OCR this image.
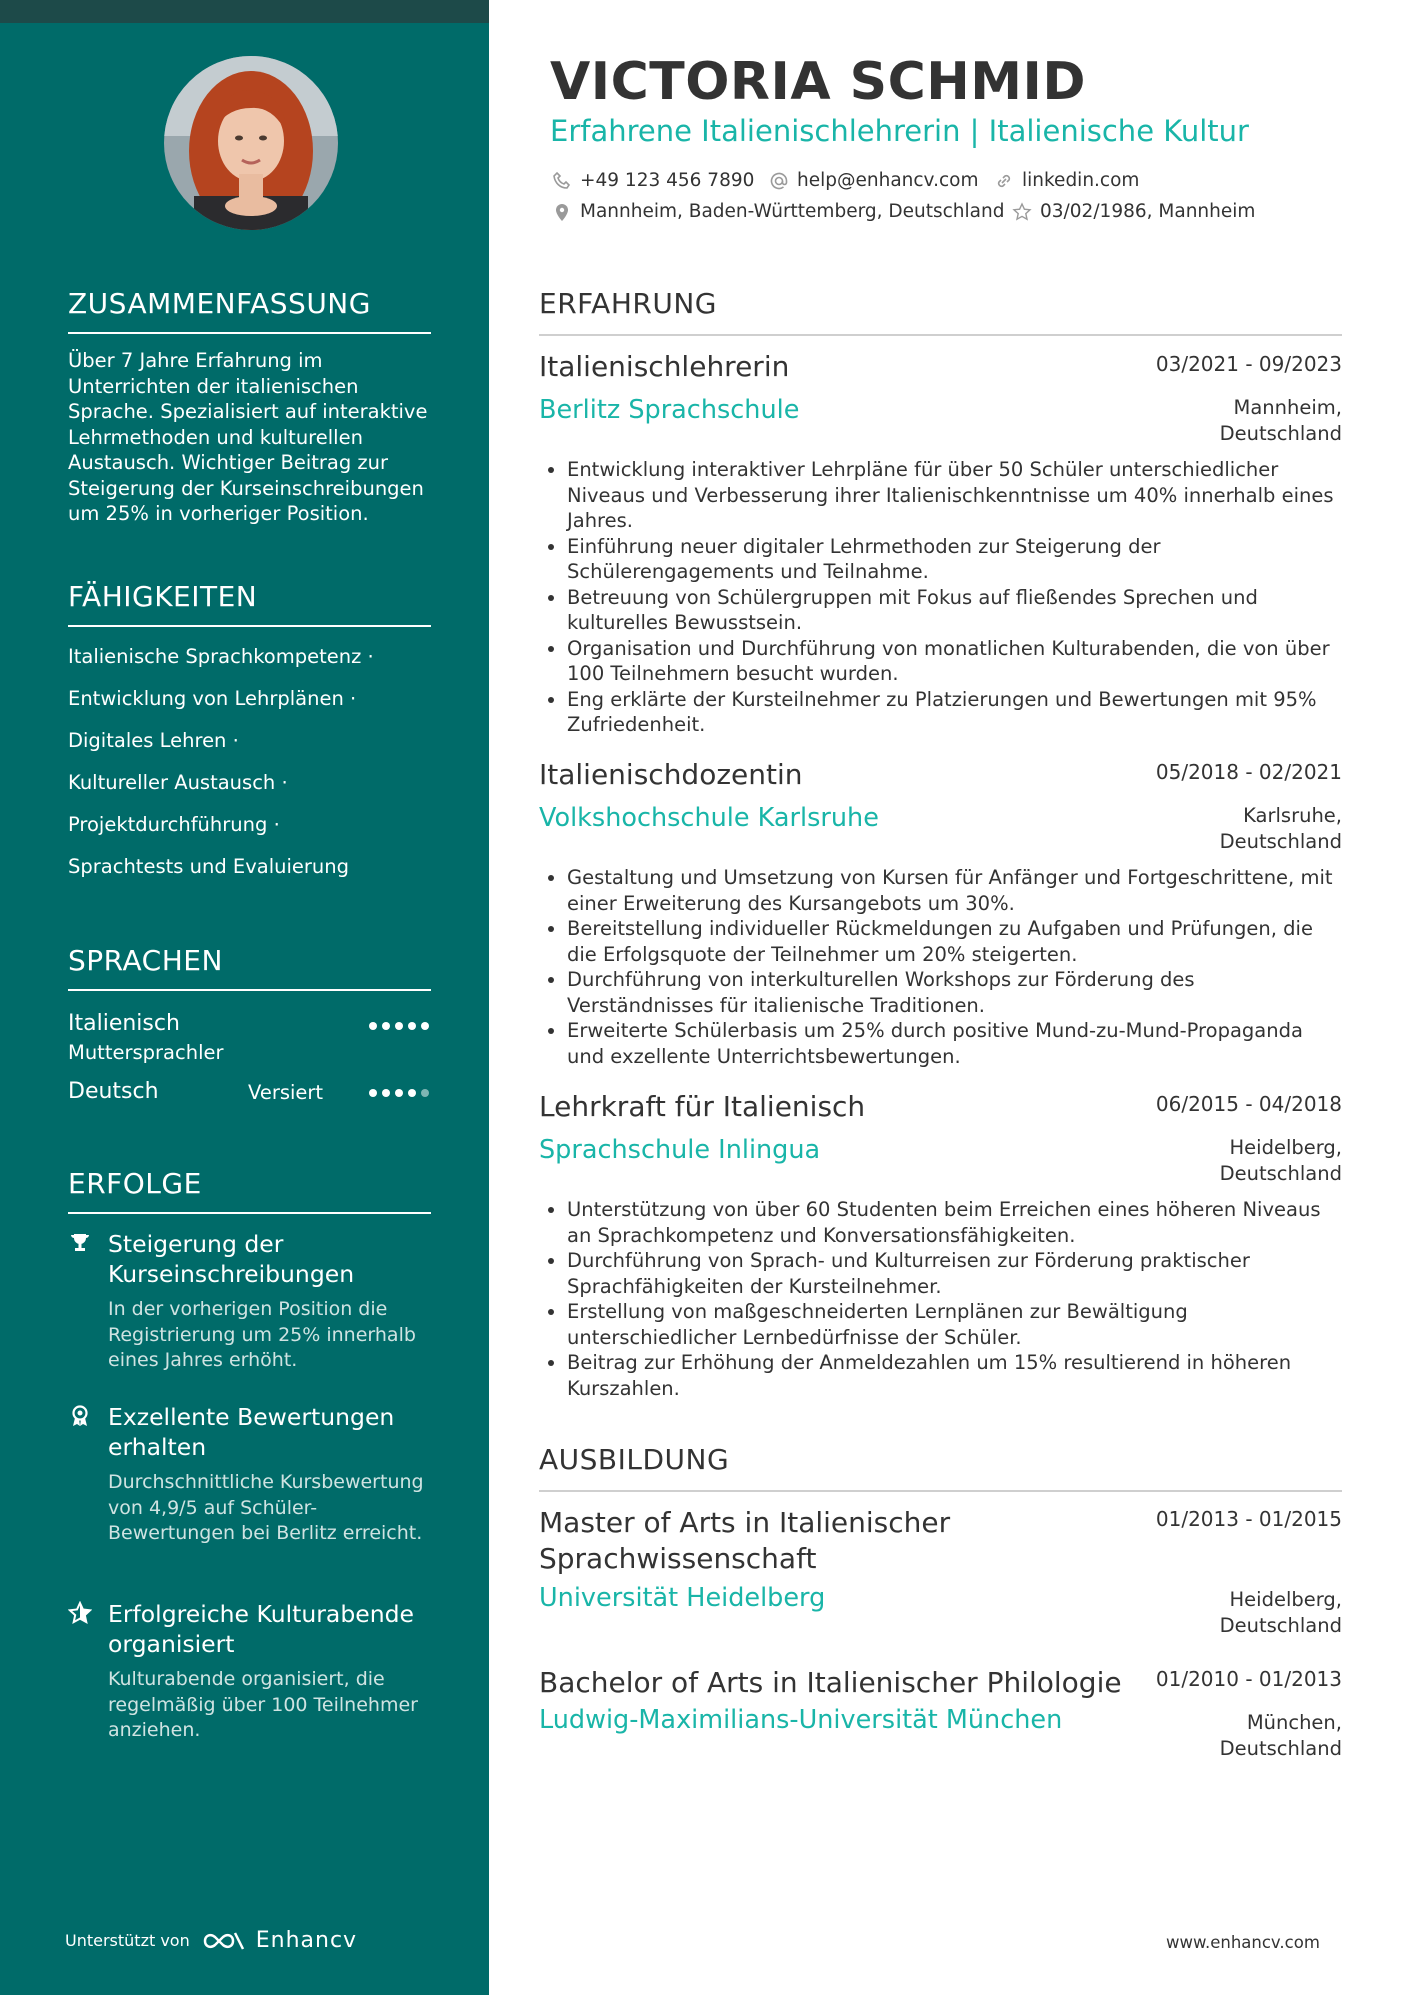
ZUSAMMENFASSUNG
Über 7 Jahre Erfahrung im Unterrichten der italienischen Sprache. Spezialisiert auf interaktive Lehrmethoden und kulturellen Austausch. Wichtiger Beitrag zur Steigerung der Kurseinschreibungen um 25% in vorheriger Position.
FÄHIGKEITEN
Italienische Sprachkompetenz ·
Entwicklung von Lehrplänen ·
Digitales Lehren ·
Kultureller Austausch ·
Projektdurchführung ·
Sprachtests und Evaluierung
SPRACHEN
Italienisch
Muttersprachler
Deutsch	Versiert
ERFOLGE
Steigerung der Kurseinschreibungen
In der vorherigen Position die Registrierung um 25% innerhalb eines Jahres erhöht.
Exzellente Bewertungen erhalten
Durchschnittliche Kursbewertung von 4,9/5 auf Schüler-Bewertungen bei Berlitz erreicht.
Erfolgreiche Kulturabende organisiert
Kulturabende organisiert, die regelmäßig über 100 Teilnehmer anziehen.
Unterstützt von	Enhancv
VICTORIA SCHMID
Erfahrene Italienischlehrerin | Italienische Kultur
+49 123 456 7890 help@enhancv.com linkedin.com
Mannheim, Baden-Württemberg, Deutschland 03/02/1986, Mannheim
ERFAHRUNG
Italienischlehrerin	03/2021 - 09/2023
Berlitz Sprachschule	Mannheim,
Deutschland
• Entwicklung interaktiver Lehrpläne für über 50 Schüler unterschiedlicher Niveaus und Verbesserung ihrer Italienischkenntnisse um 40% innerhalb eines Jahres.
• Einführung neuer digitaler Lehrmethoden zur Steigerung der Schülerengagements und Teilnahme.
• Betreuung von Schülergruppen mit Fokus auf fließendes Sprechen und kulturelles Bewusstsein.
• Organisation und Durchführung von monatlichen Kulturabenden, die von über 100 Teilnehmern besucht wurden.
• Eng erklärte der Kursteilnehmer zu Platzierungen und Bewertungen mit 95% Zufriedenheit.
Italienischdozentin	05/2018 - 02/2021
Volkshochschule Karlsruhe	Karlsruhe,
Deutschland
• Gestaltung und Umsetzung von Kursen für Anfänger und Fortgeschrittene, mit einer Erweiterung des Kursangebots um 30%.
• Bereitstellung individueller Rückmeldungen zu Aufgaben und Prüfungen, die die Erfolgsquote der Teilnehmer um 20% steigerten.
• Durchführung von interkulturellen Workshops zur Förderung des Verständnisses für italienische Traditionen.
• Erweiterte Schülerbasis um 25% durch positive Mund-zu-Mund-Propaganda und exzellente Unterrichtsbewertungen.
Lehrkraft für Italienisch	06/2015 - 04/2018
Sprachschule Inlingua	Heidelberg,
Deutschland
• Unterstützung von über 60 Studenten beim Erreichen eines höheren Niveaus an Sprachkompetenz und Konversationsfähigkeiten.
• Durchführung von Sprach- und Kulturreisen zur Förderung praktischer Sprachfähigkeiten der Kursteilnehmer.
• Erstellung von maßgeschneiderten Lernplänen zur Bewältigung unterschiedlicher Lernbedürfnisse der Schüler.
• Beitrag zur Erhöhung der Anmeldezahlen um 15% resultierend in höheren Kurszahlen.
AUSBILDUNG
Master of Arts in Italienischer Sprachwissenschaft
01/2013 - 01/2015
Universität Heidelberg	Heidelberg,
Deutschland
Bachelor of Arts in Italienischer Philologie	01/2010 - 01/2013
Ludwig-Maximilians-Universität München	München,
Deutschland
www.enhancv.com
